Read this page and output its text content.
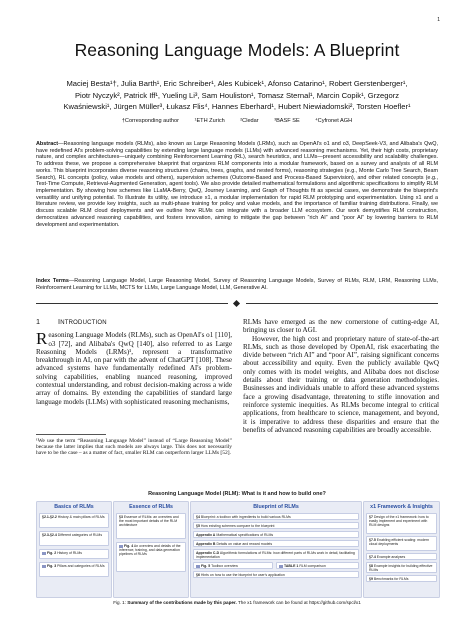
1
Reasoning Language Models: A Blueprint
Maciej Besta¹†, Julia Barth¹, Eric Schreiber¹, Ales Kubicek¹, Afonso Catarino¹, Robert Gerstenberger¹,
Piotr Nyczyk², Patrick Iff¹, Yueling Li³, Sam Houliston¹, Tomasz Sternal¹, Marcin Copik¹, Grzegorz
Kwaśniewski¹, Jürgen Müller³, Łukasz Flis⁴, Hannes Eberhard¹, Hubert Niewiadomski², Torsten Hoefler¹
†Corresponding author	¹ETH Zurich	²Cledar	³BASF SE	⁴Cyfronet AGH
Abstract—Reasoning language models (RLMs), also known as Large Reasoning Models (LRMs), such as OpenAI's o1 and o3, DeepSeek-V3, and Alibaba's QwQ, have redefined AI's problem-solving capabilities by extending large language models (LLMs) with advanced reasoning mechanisms. Yet, their high costs, proprietary nature, and complex architectures—uniquely combining Reinforcement Learning (RL), search heuristics, and LLMs—present accessibility and scalability challenges. To address these, we propose a comprehensive blueprint that organizes RLM components into a modular framework, based on a survey and analysis of all RLM works. This blueprint incorporates diverse reasoning structures (chains, trees, graphs, and nested forms), reasoning strategies (e.g., Monte Carlo Tree Search, Beam Search), RL concepts (policy, value models and others), supervision schemes (Outcome-Based and Process-Based Supervision), and other related concepts (e.g., Test-Time Compute, Retrieval-Augmented Generation, agent tools). We also provide detailed mathematical formulations and algorithmic specifications to simplify RLM implementation. By showing how schemes like LLaMA-Berry, QwQ, Journey Learning, and Graph of Thoughts fit as special cases, we demonstrate the blueprint's versatility and unifying potential. To illustrate its utility, we introduce x1, a modular implementation for rapid RLM prototyping and experimentation. Using x1 and a literature review, we provide key insights, such as multi-phase training for policy and value models, and the importance of familiar training distributions. Finally, we discuss scalable RLM cloud deployments and we outline how RLMs can integrate with a broader LLM ecosystem. Our work demystifies RLM construction, democratizes advanced reasoning capabilities, and fosters innovation, aiming to mitigate the gap between “rich AI” and “poor AI” by lowering barriers to RLM development and experimentation.
Index Terms—Reasoning Language Model, Large Reasoning Model, Survey of Reasoning Language Models, Survey of RLMs, RLM, LRM, Reasoning LLMs, Reinforcement Learning for LLMs, MCTS for LLMs, Large Language Model, LLM, Generative AI.
1 INTRODUCTION
Reasoning Language Models (RLMs), such as OpenAI's o1 [110], o3 [72], and Alibaba's QwQ [140], also referred to as Large Reasoning Models (LRMs)¹, represent a transformative breakthrough in AI, on par with the advent of ChatGPT [108]. These advanced systems have fundamentally redefined AI's problem-solving capabilities, enabling nuanced reasoning, improved contextual understanding, and robust decision-making across a wide array of domains. By extending the capabilities of standard large language models (LLMs) with sophisticated reasoning mechanisms,
¹We use the term “Reasoning Language Model” instead of “Large Reasoning Model” because the latter implies that such models are always large. This does not necessarily have to be the case – as a matter of fact, smaller RLM can outperform larger LLMs [52].
RLMs have emerged as the new cornerstone of cutting-edge AI, bringing us closer to AGI.
However, the high cost and proprietary nature of state-of-the-art RLMs, such as those developed by OpenAI, risk exacerbating the divide between “rich AI” and “poor AI”, raising significant concerns about accessibility and equity. Even the publicly available QwQ only comes with its model weights, and Alibaba does not disclose details about their training or data generation methodologies. Businesses and individuals unable to afford these advanced systems face a growing disadvantage, threatening to stifle innovation and reinforce systemic inequities. As RLMs become integral to critical applications, from healthcare to science, management, and beyond, it is imperative to address these disparities and ensure that the benefits of advanced reasoning capabilities are broadly accessible.
Reasoning Language Model (RLM): What is it and how to build one?
Basics of RLMs
§2.1-§2.2 History & main pillars of RLMs
§2.3-§2.4 Different categories of RLMs
Fig. 2 History of RLMs
Fig. 3 Pillars and categories of RLMs
Essence of RLMs
§3 Essence of RLMs: an overview and the most important details of the RLM architecture
Fig. 4 An overview and details of the inference, training, and data generation pipelines of RLMs
Blueprint of RLMs
§4 Blueprint: a toolbox with ingredients to build various RLMs
§5 How existing schemes compare to the blueprint
Appendix A Mathematical specifications of RLMs
Appendix B Details on value and reward models
Appendix C-D Algorithmic formulations of RLMs: how different parts of RLMs work in detail, facilitating implementation
Fig. 5 Toolbox overview	TABLE 1 RLM comparison
§6 Hints on how to use the blueprint for user's application
x1 Framework & Insights
§7 Design of the x1 framework: how to easily implement and experiment with RLM designs
§7.5 Enabling efficient scaling: modern cloud deployments
§7.4 Example analyses
§8 Example insights for building effective RLMs
§9 Benchmarks for RLMs
Fig. 1: Summary of the contributions made by this paper. The x1 framework can be found at https://github.com/spcl/x1
